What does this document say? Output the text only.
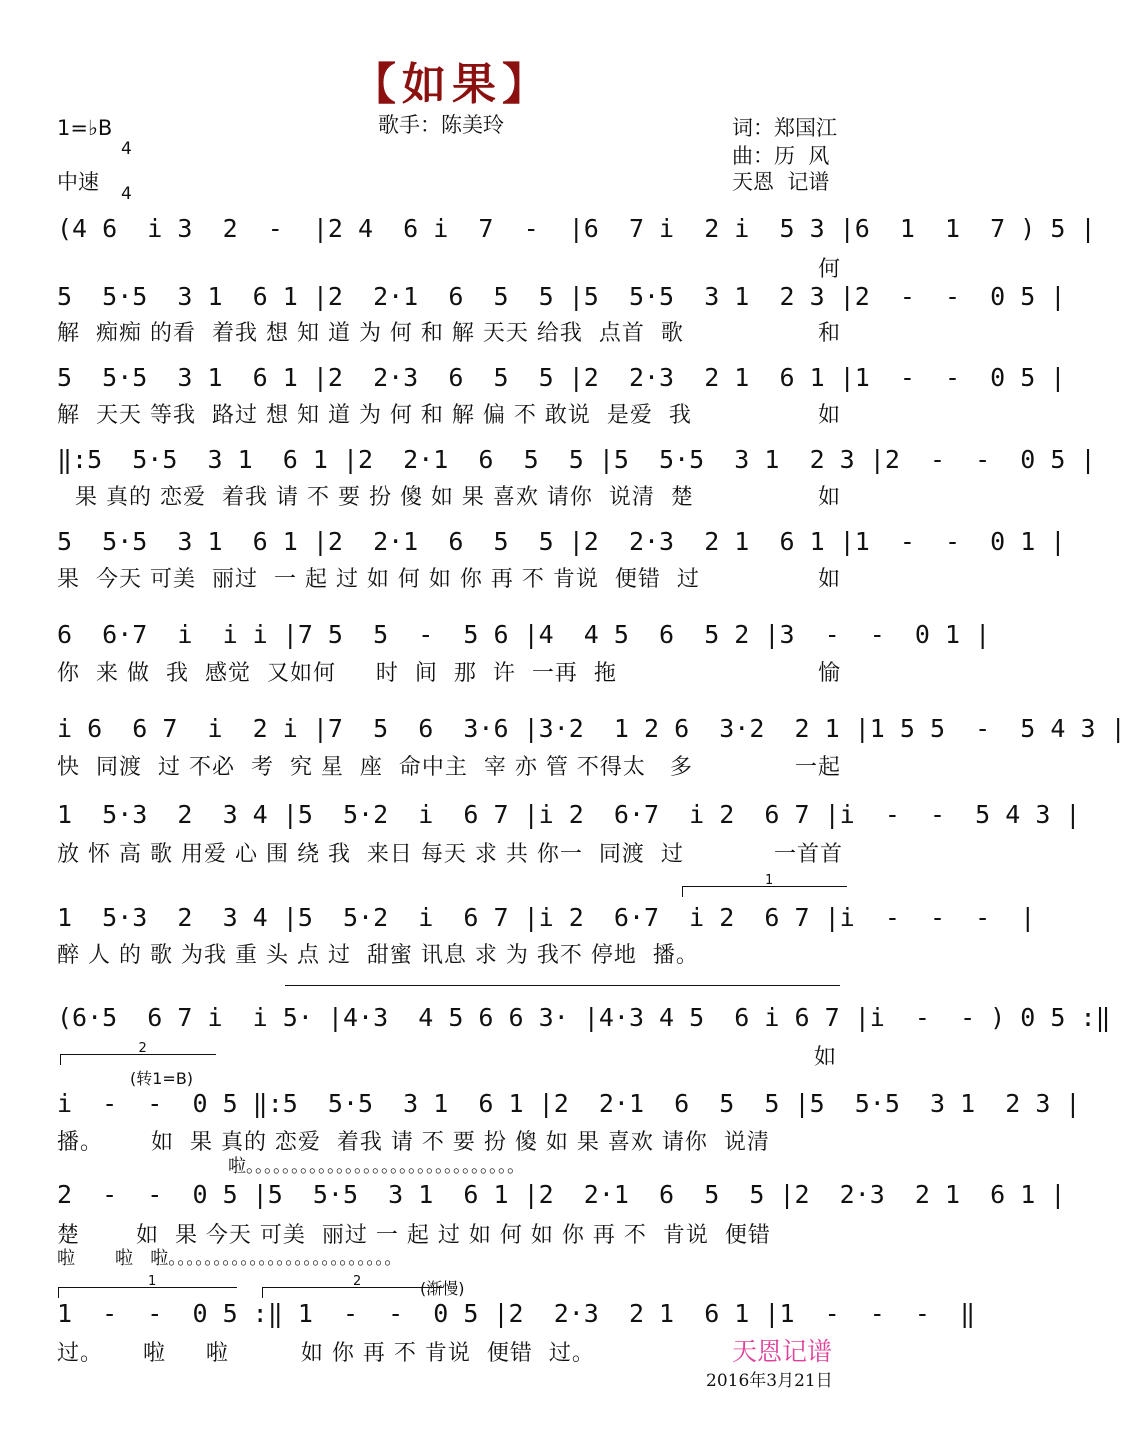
【如果】
1=♭B

4

4

歌手：陈美玲	词：郑国江
曲：历  风
中速	天恩  记谱
(4 6  i 3  2  -  |2 4  6 i  7  -  |6  7 i  2 i  5 3 |6  1  1  7 ) 5 |
何
5  5·5  3 1  6 1 |2  2·1  6  5  5 |5  5·5  3 1  2 3 |2  -  -  0 5 |
解  痴痴 的看  着我 想 知 道 为 何 和 解 天天 给我  点首  歌	和
5  5·5  3 1  6 1 |2  2·3  6  5  5 |2  2·3  2 1  6 1 |1  -  -  0 5 |
解  天天 等我  路过 想 知 道 为 何 和 解 偏 不 敢说  是爱  我	如
‖:5  5·5  3 1  6 1 |2  2·1  6  5  5 |5  5·5  3 1  2 3 |2  -  -  0 5 |
果 真的 恋爱  着我 请 不 要 扮 傻 如 果 喜欢 请你  说清  楚	如
5  5·5  3 1  6 1 |2  2·1  6  5  5 |2  2·3  2 1  6 1 |1  -  -  0 1 |
果  今天 可美  丽过  一 起 过 如 何 如 你 再 不 肯说  便错  过	如
6  6·7  i  i i |7 5  5  -  5 6 |4  4 5  6  5 2 |3  -  -  0 1 |
你  来 做  我  感觉  又如何     时  间  那  许  一再  拖	愉
i 6  6 7  i  2 i |7  5  6  3·6 |3·2  1 2 6  3·2  2 1 |1 5 5  -  5 4 3 |
快  同渡  过 不必  考  究 星  座  命中主  宰 亦 管 不得太   多	一起
1  5·3  2  3 4 |5  5·2  i  6 7 |i 2  6·7  i 2  6 7 |i  -  -  5 4 3 |
放 怀 高 歌 用爱 心 围 绕 我  来日 每天 求 共 你一  同渡  过	一首首

1

1  5·3  2  3 4 |5  5·2  i  6 7 |i 2  6·7  i 2  6 7 |i  -  -  -  |
醉 人 的 歌 为我 重 头 点 过  甜蜜 讯息 求 为 我不 停地  播。
(6·5  6 7 i  i 5· |4·3  4 5 6 6 3· |4·3 4 5  6 i 6 7 |i  -  - ) 0 5 :‖
如

2

(转1=B)
i  -  -  0 5 ‖:5  5·5  3 1  6 1 |2  2·1  6  5  5 |5  5·5  3 1  2 3 |
播。      如  果 真的 恋爱  着我 请 不 要 扮 傻 如 果 喜欢 请你  说清
啦。。。。。。。。。。。。。。。。。。。。。。。。。。。。。。
2  -  -  0 5 |5  5·5  3 1  6 1 |2  2·1  6  5  5 |2  2·3  2 1  6 1 |
楚       如  果 今天 可美  丽过 一 起 过 如 何 如 你 再 不  肯说  便错
啦       啦   啦。。。。。。。。。。。。。。。。。。。。。。。。。

1

	2	(渐慢)
1  -  -  0 5 :‖ 1  -  -  0 5 |2  2·3  2 1  6 1 |1  -  -  -  ‖
过。     啦     啦         如 你 再 不 肯说  便错  过。	天恩记谱
2016年3月21日
